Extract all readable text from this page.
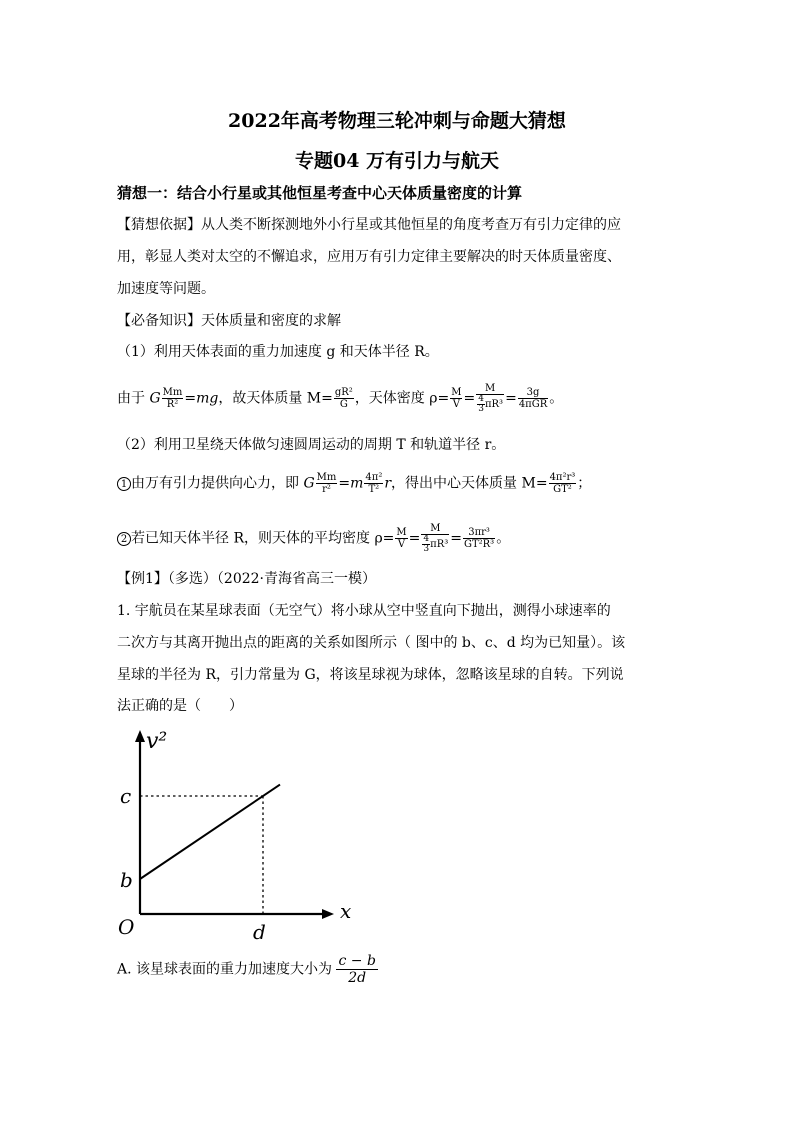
2022年高考物理三轮冲刺与命题大猜想
专题04 万有引力与航天
猜想一：结合小行星或其他恒星考查中心天体质量密度的计算
【猜想依据】从人类不断探测地外小行星或其他恒星的角度考查万有引力定律的应
用，彰显人类对太空的不懈追求，应用万有引力定律主要解决的时天体质量密度、
加速度等问题。
【必备知识】天体质量和密度的求解
（1）利用天体表面的重力加速度 g 和天体半径 R。
由于 G $\frac{Mm}{\text{R²}} =mg$，故天体质量 $M= \frac{\text{gR²}}{G}$ ，天体密度 $\rho= \frac{M}{V} = \frac{M}{\frac{4}{3}\pi R^3} = \frac{3g}{\text{4πGR}}$ 。
（2）利用卫星绕天体做匀速圆周运动的周期 T 和轨道半径 r。
1 由万有引力提供向心力，即 G $\frac{Mm}{\text{r²}} =m \frac{\text{4π²}}{\text{T²}}$ r，得出中心天体质量 $M= \frac{\text{4π²r³}}{\text{GT²}}$ ；
2 若已知天体半径 R，则天体的平均密度 $\rho= \frac{M}{V} = \frac{M}{\frac{4}{3}\pi R^3} = \frac{\text{3πr³}}{\text{GT²R³}}$ 。
【例1】（多选）（2022·青海省高三一模）
1. 宇航员在某星球表面（无空气）将小球从空中竖直向下抛出，测得小球速率的
二次方与其离开抛出点的距离的关系如图所示（ 图中的 b、c、d 均为已知量）。该
星球的半径为 R，引力常量为 G，将该星球视为球体，忽略该星球的自转。下列说
法正确的是（　　）
v²
x
O
b
c
d
A. 该星球表面的重力加速度大小为 $\frac{c - b}{2d}$
